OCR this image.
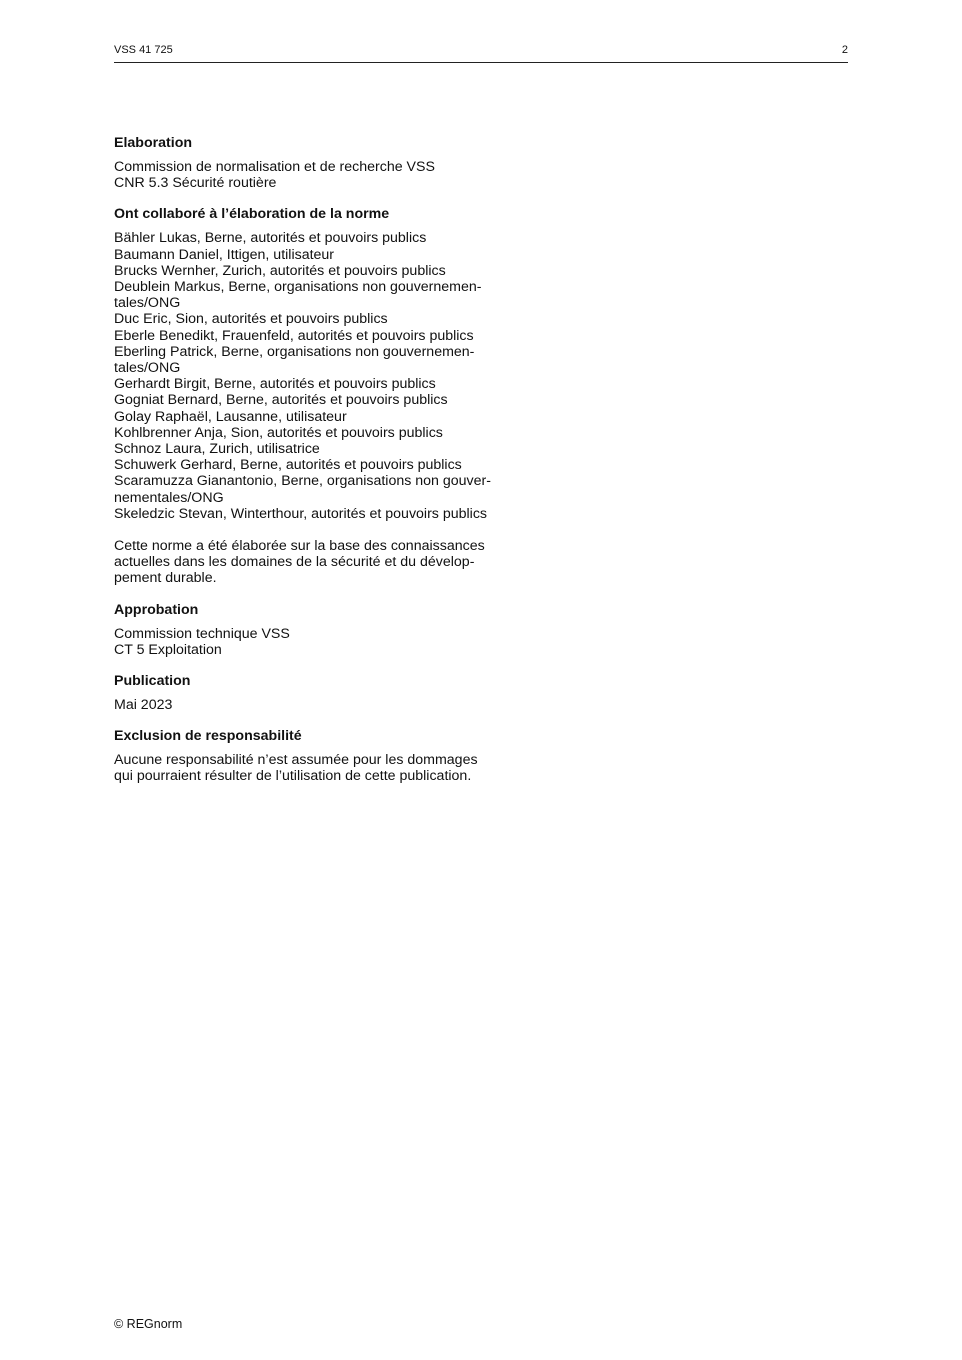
VSS 41 725	2
Elaboration
Commission de normalisation et de recherche VSS
CNR 5.3 Sécurité routière
Ont collaboré à l’élaboration de la norme
Bähler Lukas, Berne, autorités et pouvoirs publics
Baumann Daniel, Ittigen, utilisateur
Brucks Wernher, Zurich, autorités et pouvoirs publics
Deublein Markus, Berne, organisations non gouvernemen-
tales/ONG
Duc Eric, Sion, autorités et pouvoirs publics
Eberle Benedikt, Frauenfeld, autorités et pouvoirs publics
Eberling Patrick, Berne, organisations non gouvernemen-
tales/ONG
Gerhardt Birgit, Berne, autorités et pouvoirs publics
Gogniat Bernard, Berne, autorités et pouvoirs publics
Golay Raphaël, Lausanne, utilisateur
Kohlbrenner Anja, Sion, autorités et pouvoirs publics
Schnoz Laura, Zurich, utilisatrice
Schuwerk Gerhard, Berne, autorités et pouvoirs publics
Scaramuzza Gianantonio, Berne, organisations non gouver-
nementales/ONG
Skeledzic Stevan, Winterthour, autorités et pouvoirs publics
Cette norme a été élaborée sur la base des connaissances
actuelles dans les domaines de la sécurité et du dévelop-
pement durable.
Approbation
Commission technique VSS
CT 5 Exploitation
Publication
Mai 2023
Exclusion de responsabilité
Aucune responsabilité n’est assumée pour les dommages
qui pourraient résulter de l’utilisation de cette publication.
© REGnorm
